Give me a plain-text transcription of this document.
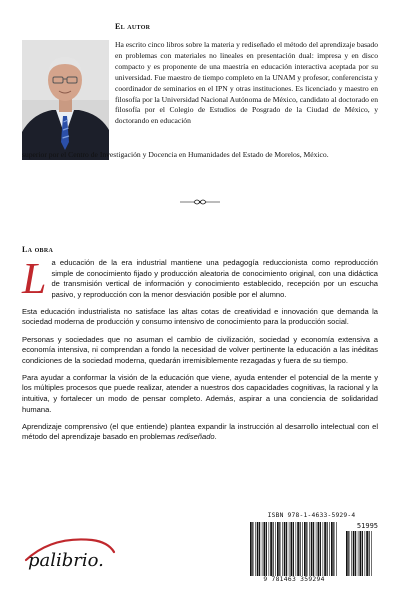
El autor
Ha escrito cinco libros sobre la materia y rediseñado el método del aprendizaje basado en problemas con materiales no lineales en presentación dual: impresa y en disco compacto y es proponente de una maestría en educación interactiva aceptada por su universidad. Fue maestro de tiempo completo en la UNAM y profesor, conferencista y coordinador de seminarios en el IPN y otras instituciones. Es licenciado y maestro en filosofía por la Universidad Nacional Autónoma de México, candidato al doctorado en filosofía por el Colegio de Estudios de Posgrado de la Ciudad de México, y doctorando en educación
superior por el Centro de Investigación y Docencia en Humanidades del Estado de Morelos, México.
La obra

La educación de la era industrial mantiene una pedagogía reduccionista como reproducción simple de conocimiento fijado y producción aleatoria de conocimiento original, con una didáctica de transmisión vertical de información y conocimiento establecido, recepción por un escucha pasivo, y reproducción con la menor desviación posible por el alumno.

Esta educación industrialista no satisface las altas cotas de creatividad e innovación que demanda la sociedad moderna de producción y consumo intensivo de conocimiento para la producción social.

Personas y sociedades que no asuman el cambio de civilización, sociedad y economía extensiva a economía intensiva, ni comprendan a fondo la necesidad de volver pertinente la educación a las inéditas condiciones de la sociedad moderna, quedarán irremisiblemente rezagadas y fuera de su tiempo.

Para ayudar a conformar la visión de la educación que viene, ayuda entender el potencial de la mente y los múltiples procesos que puede realizar, atender a nuestros dos capacidades cognitivas, la racional y la intuitiva, y fortalecer un modo de pensar completo. Además, aspirar a una conciencia de solidaridad humana.

Aprendizaje comprensivo (el que entiende) plantea expandir la instrucción al desarrollo intelectual con el método del aprendizaje basado en problemas rediseñado.

palibrio.
ISBN 978-1-4633-5929-4
51995
9 781463 359294
